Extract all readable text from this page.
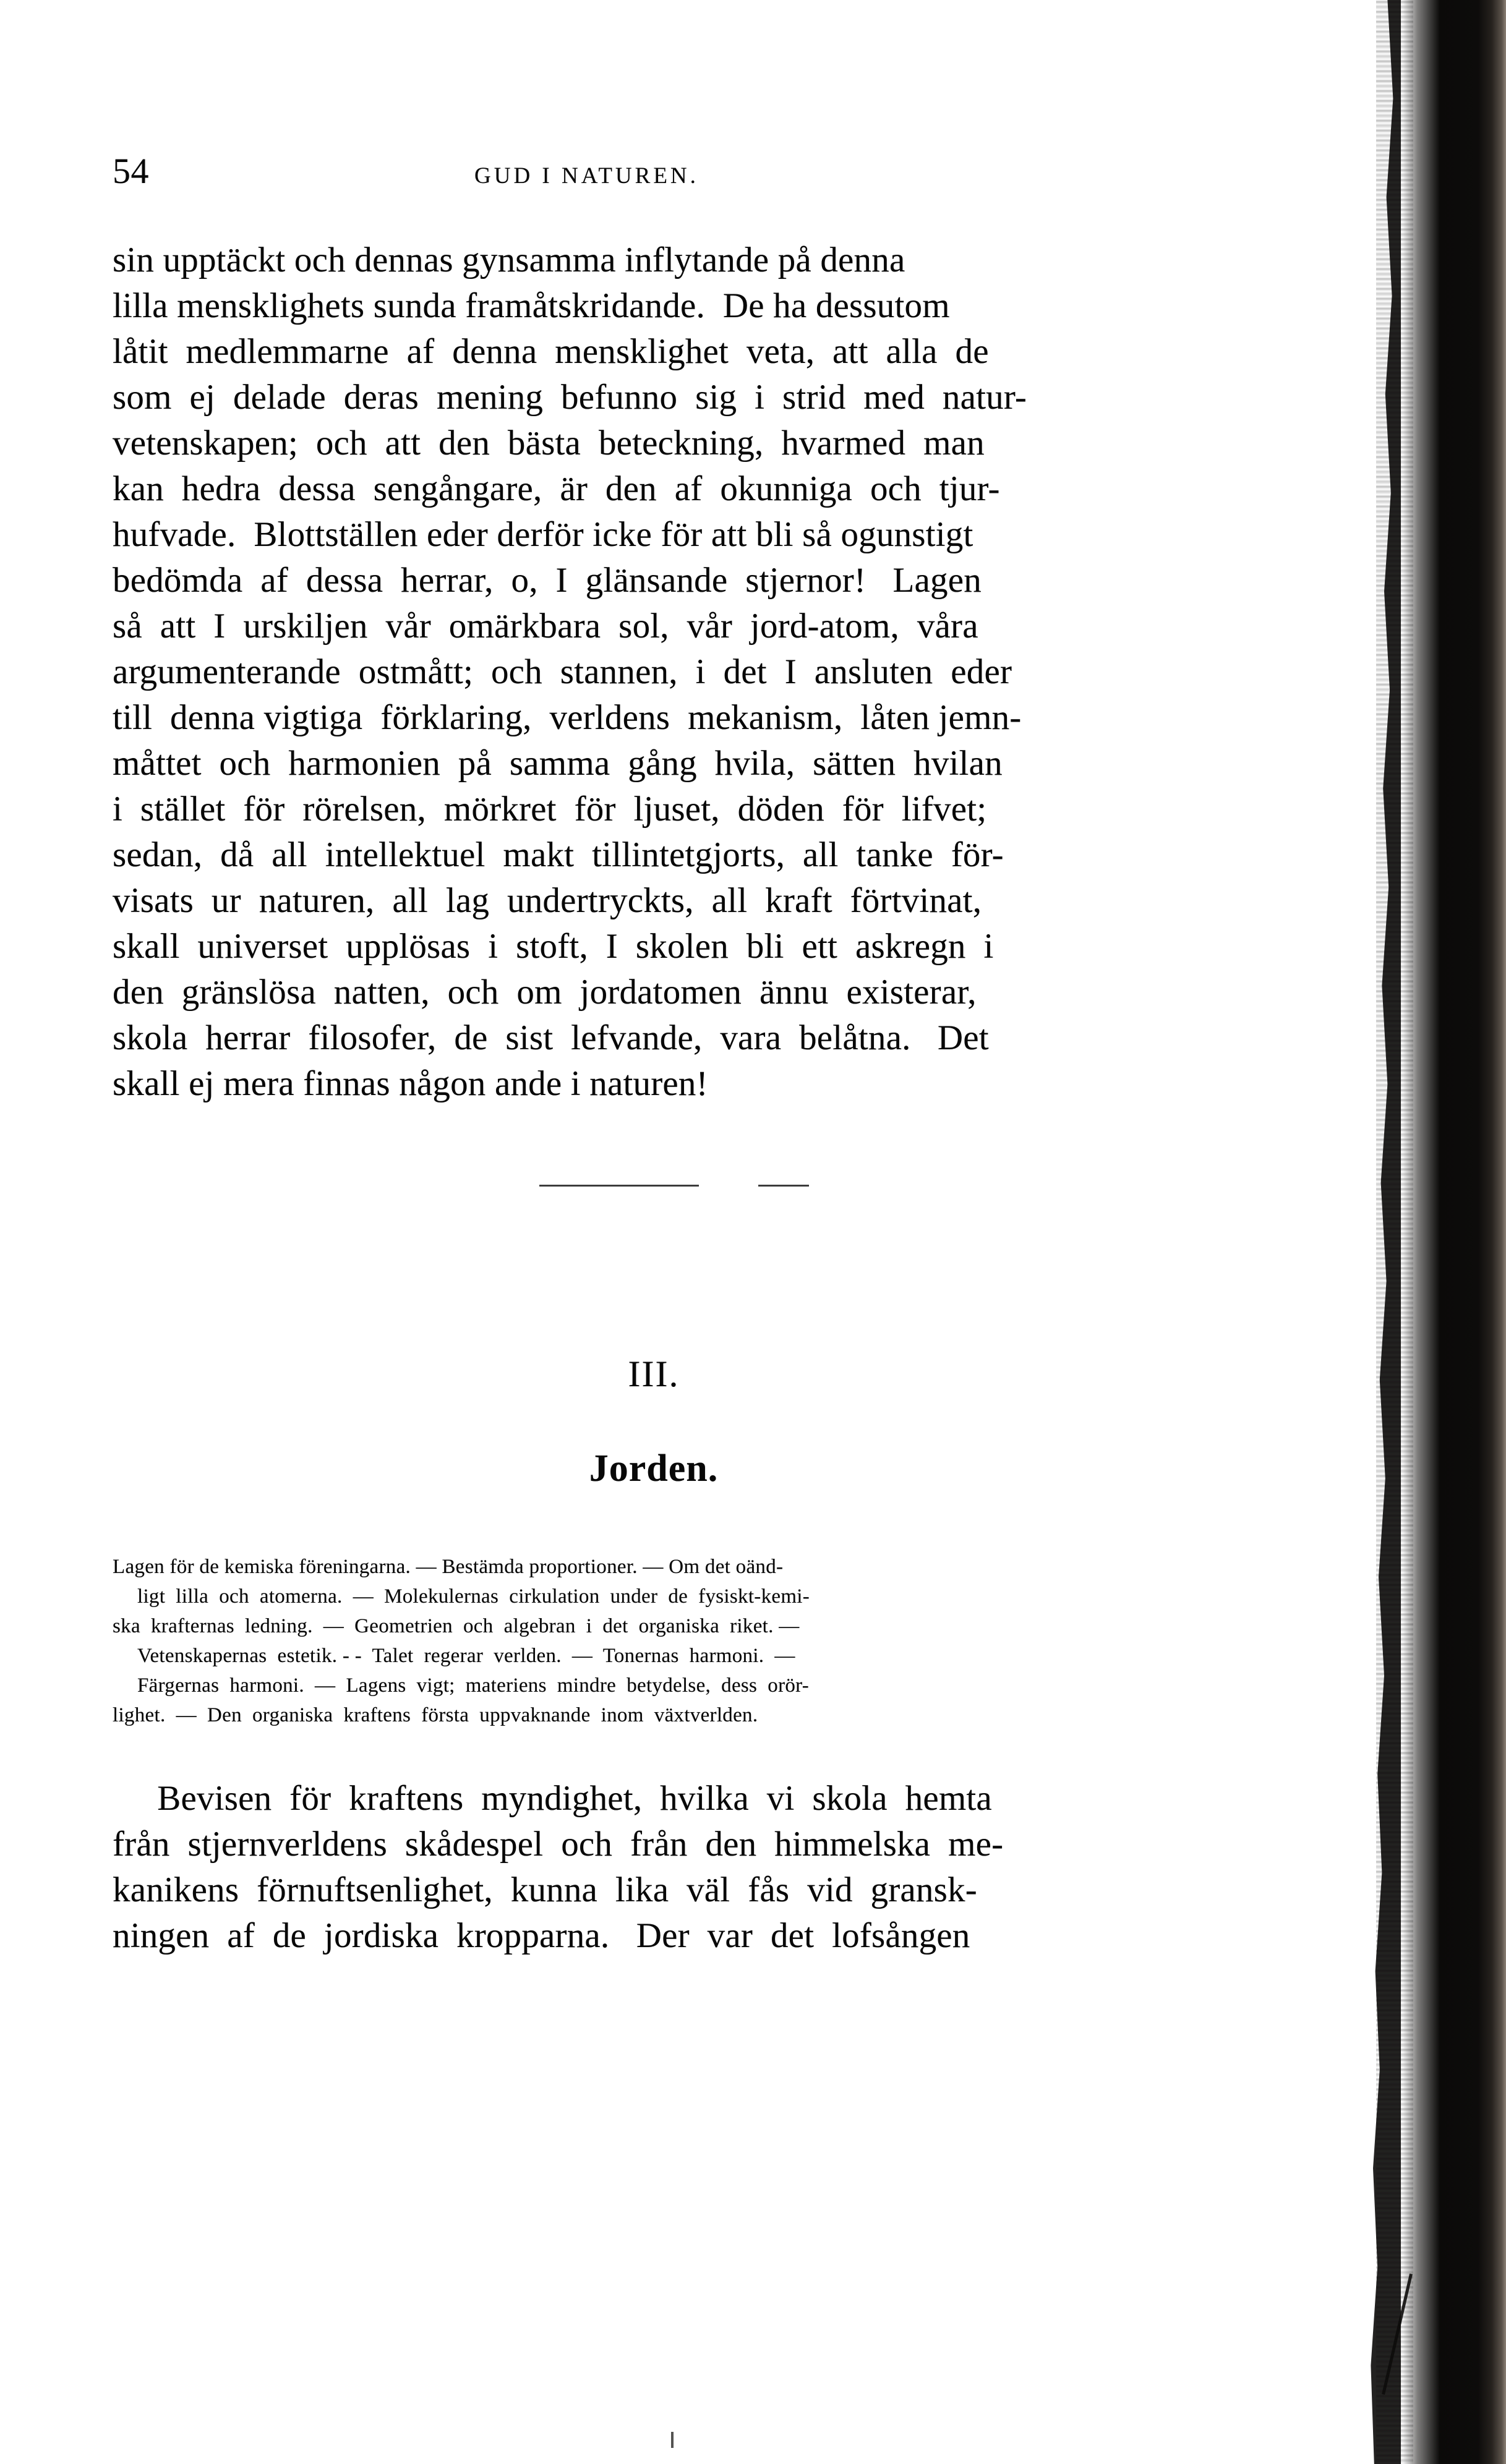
54	GUD I NATUREN.
sin upptäckt och dennas gynsamma inflytande på denna
lilla mensklighets sunda framåtskridande.  De ha dessutom
låtit  medlemmarne  af  denna  mensklighet  veta,  att  alla  de
som  ej  delade  deras  mening  befunno  sig  i  strid  med  natur-
vetenskapen;  och  att  den  bästa  beteckning,  hvarmed  man
kan  hedra  dessa  sengångare,  är  den  af  okunniga  och  tjur-
hufvade.  Blottställen eder derför icke för att bli så ogunstigt
bedömda  af  dessa  herrar,  o,  I  glänsande  stjernor!   Lagen
så  att  I  urskiljen  vår  omärkbara  sol,  vår  jord-atom,  våra
argumenterande  ostmått;  och  stannen,  i  det  I  ansluten  eder
till  denna vigtiga  förklaring,  verldens  mekanism,  låten jemn-
måttet  och  harmonien  på  samma  gång  hvila,  sätten  hvilan
i  stället  för  rörelsen,  mörkret  för  ljuset,  döden  för  lifvet;
sedan,  då  all  intellektuel  makt  tillintetgjorts,  all  tanke  för-
visats  ur  naturen,  all  lag  undertryckts,  all  kraft  förtvinat,
skall  universet  upplösas  i  stoft,  I  skolen  bli  ett  askregn  i
den  gränslösa  natten,  och  om  jordatomen  ännu  existerar,
skola  herrar  filosofer,  de  sist  lefvande,  vara  belåtna.   Det
skall ej mera finnas någon ande i naturen!
III.
Jorden.
Lagen för de kemiska föreningarna. — Bestämda proportioner. — Om det oänd-
ligt  lilla  och  atomerna.  —  Molekulernas  cirkulation  under  de  fysiskt-kemi-
ska  krafternas  ledning.  —  Geometrien  och  algebran  i  det  organiska  riket. —
Vetenskapernas  estetik. - -  Talet  regerar  verlden.  —  Tonernas  harmoni.  —
Färgernas  harmoni.  —  Lagens  vigt;  materiens  mindre  betydelse,  dess  orör-
lighet.  —  Den  organiska  kraftens  första  uppvaknande  inom  växtverlden.
Bevisen  för  kraftens  myndighet,  hvilka  vi  skola  hemta
från  stjernverldens  skådespel  och  från  den  himmelska  me-
kanikens  förnuftsenlighet,  kunna  lika  väl  fås  vid  gransk-
ningen  af  de  jordiska  kropparna.   Der  var  det  lofsången
